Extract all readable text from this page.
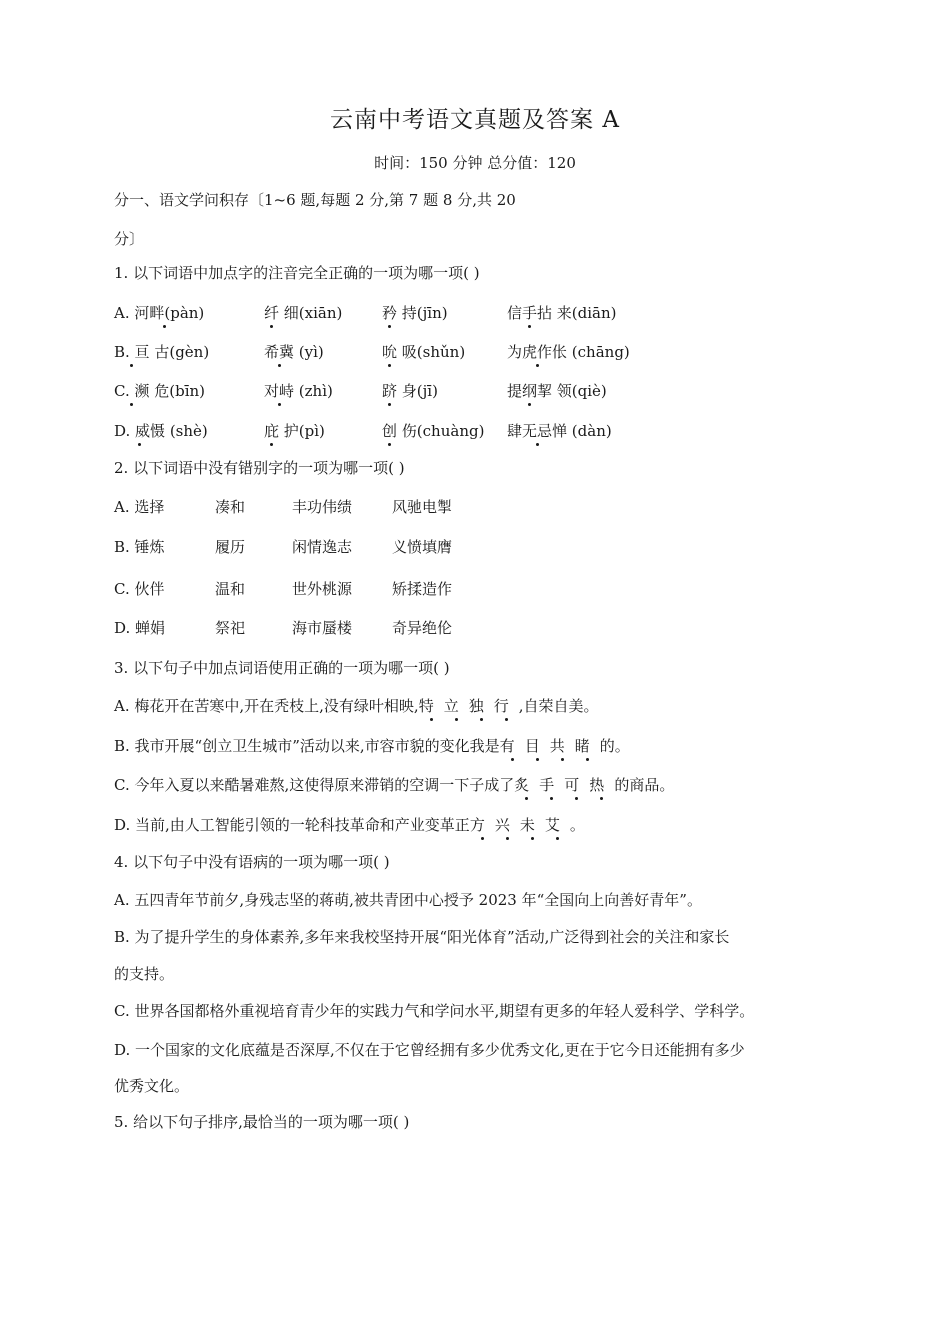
云南中考语文真题及答案 A
时间：150 分钟 总分值：120
分一、语文学问积存〔1~6 题,每题 2 分,第 7 题 8 分,共 20
分〕
1. 以下词语中加点字的注音完全正确的一项为哪一项( )
A. 河畔(pàn)	纤 细(xiān)	矜 持(jīn)	信手拈 来(diān)
B. 亘 古(gèn)	希冀 (yì)	吮 吸(shǔn)	为虎作伥 (chāng)
C. 濒 危(bīn)	对峙 (zhì)	跻 身(jī)	提纲挈 领(qiè)
D. 威慑 (shè)	庇 护(pì)	创 伤(chuàng) 肆无忌惮 (dàn)
2. 以下词语中没有错别字的一项为哪一项( )
A. 选择	凑和	丰功伟绩	风驰电掣
B. 锤炼	履历	闲情逸志	义愤填膺
C. 伙伴	温和	世外桃源	矫揉造作
D. 蝉娟	祭祀	海市蜃楼	奇异绝伦
3. 以下句子中加点词语使用正确的一项为哪一项( )
A. 梅花开在苦寒中,开在秃枝上,没有绿叶相映,特立独行,自荣自美。
B. 我市开展“创立卫生城市”活动以来,市容市貌的变化我是有目共睹的。
C. 今年入夏以来酷暑难熬,这使得原来滞销的空调一下子成了炙手可热的商品。
D. 当前,由人工智能引领的一轮科技革命和产业变革正方兴未艾。
4. 以下句子中没有语病的一项为哪一项( )
A. 五四青年节前夕,身残志坚的蒋萌,被共青团中心授予 2023 年“全国向上向善好青年”。
B. 为了提升学生的身体素养,多年来我校坚持开展“阳光体育”活动,广泛得到社会的关注和家长
的支持。
C. 世界各国都格外重视培育青少年的实践力气和学问水平,期望有更多的年轻人爱科学、学科学。
D. 一个国家的文化底蕴是否深厚,不仅在于它曾经拥有多少优秀文化,更在于它今日还能拥有多少
优秀文化。
5. 给以下句子排序,最恰当的一项为哪一项( )
